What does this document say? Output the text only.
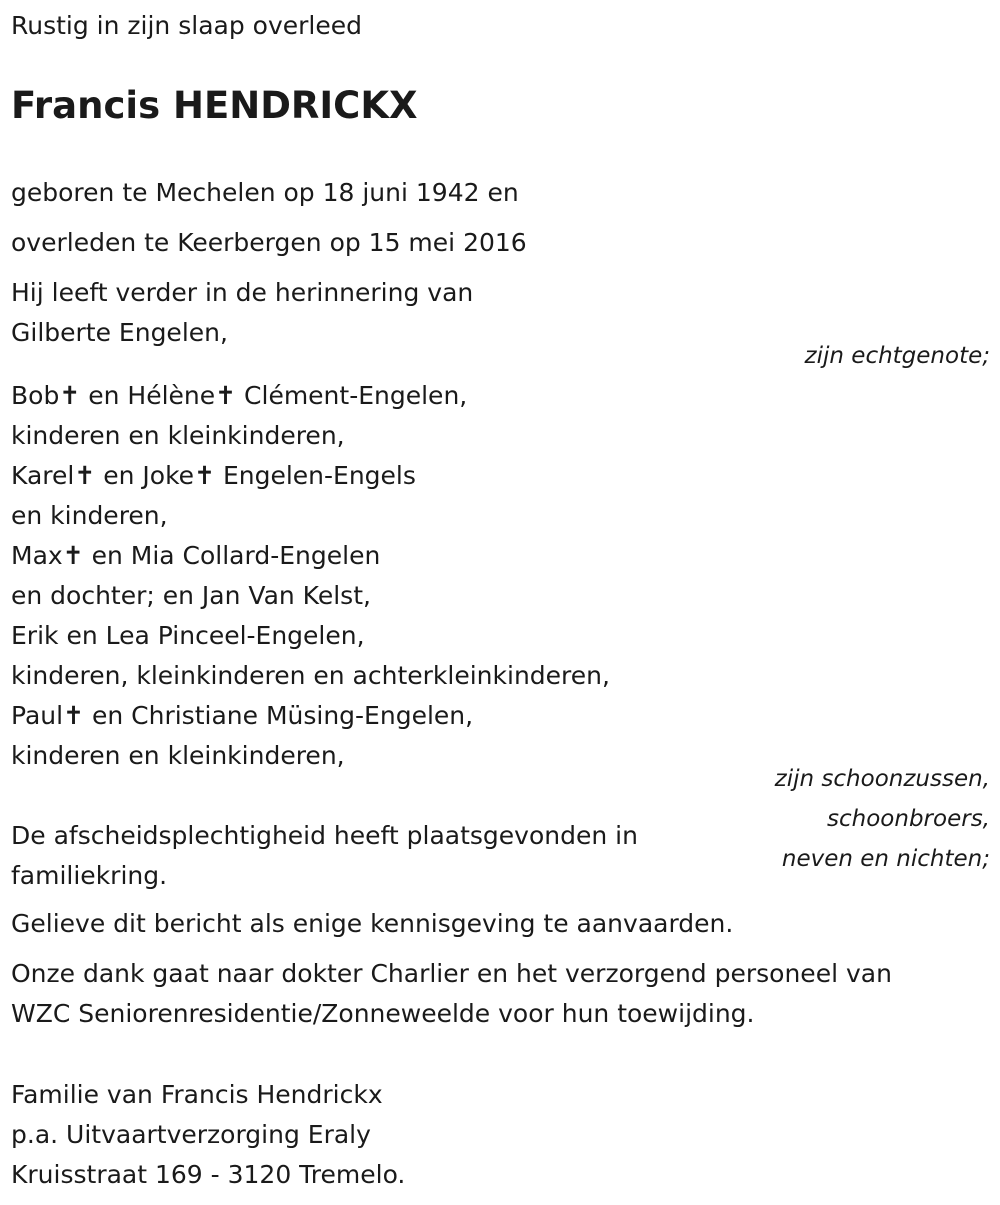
Rustig in zijn slaap overleed
Francis HENDRICKX
geboren te Mechelen op 18 juni 1942 en
overleden te Keerbergen op 15 mei 2016
Hij leeft verder in de herinnering van
Gilberte Engelen,
zijn echtgenote;
Bob✝ en Hélène✝ Clément-Engelen,
kinderen en kleinkinderen,
Karel✝ en Joke✝ Engelen-Engels
en kinderen,
Max✝ en Mia Collard-Engelen
en dochter; en Jan Van Kelst,
Erik en Lea Pinceel-Engelen,
kinderen, kleinkinderen en achterkleinkinderen,
Paul✝ en Christiane Müsing-Engelen,
kinderen en kleinkinderen,
zijn schoonzussen,
schoonbroers,
neven en nichten;
De afscheidsplechtigheid heeft plaatsgevonden in
familiekring.
Gelieve dit bericht als enige kennisgeving te aanvaarden.
Onze dank gaat naar dokter Charlier en het verzorgend personeel van
WZC Seniorenresidentie/Zonneweelde voor hun toewijding.
Familie van Francis Hendrickx
p.a. Uitvaartverzorging Eraly
Kruisstraat 169 - 3120 Tremelo.
